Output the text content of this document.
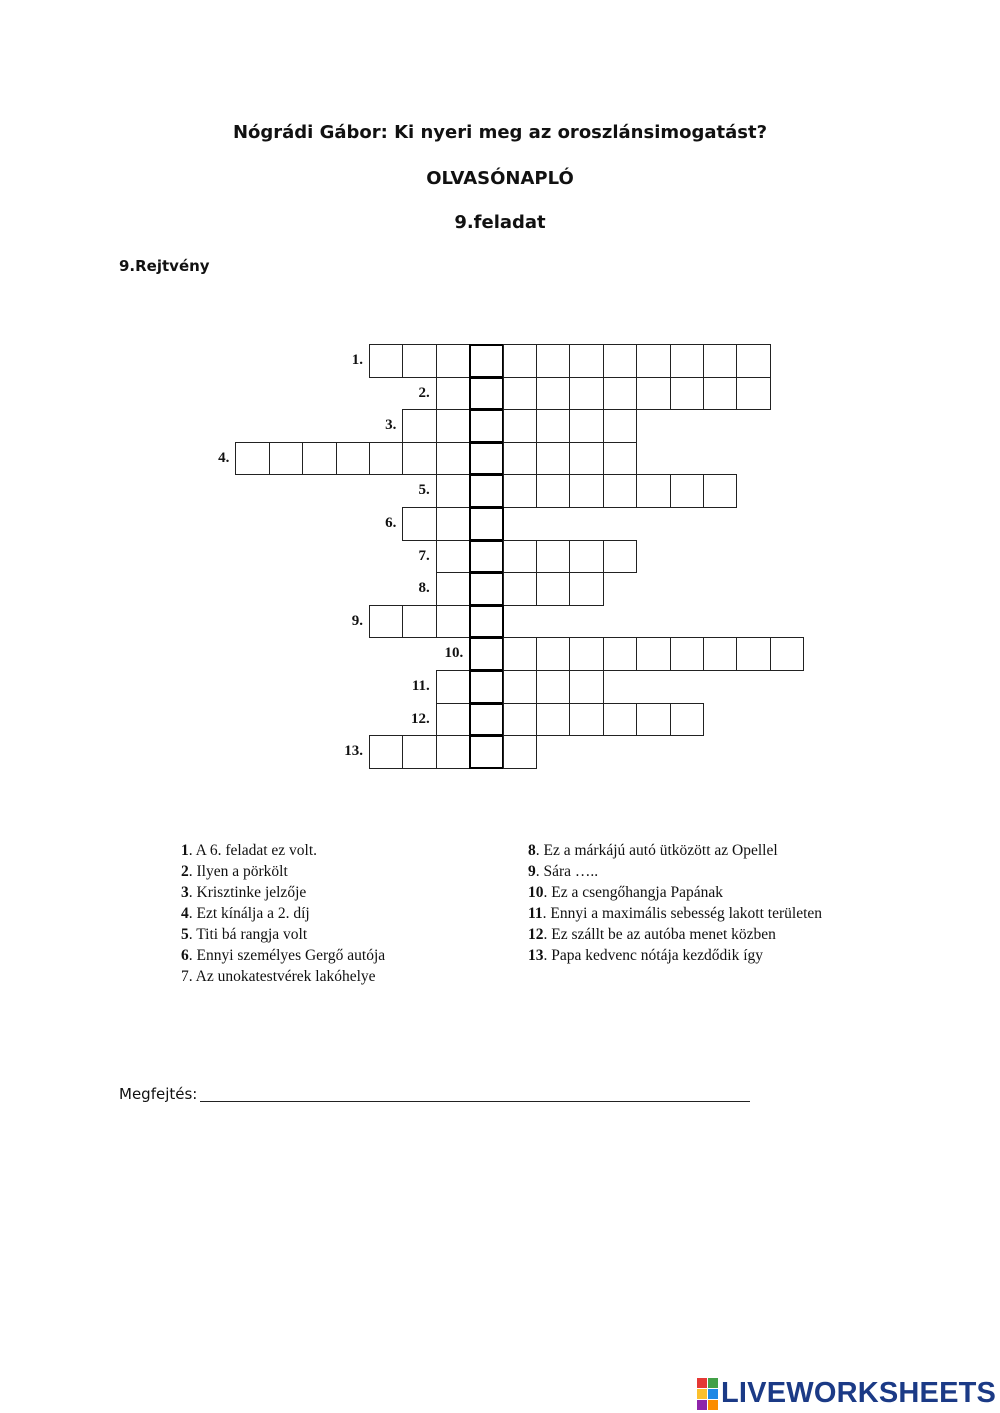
Nógrádi Gábor: Ki nyeri meg az oroszlánsimogatást?
OLVASÓNAPLÓ
9.feladat
9.Rejtvény
1.
2.
3.
4.
5.
6.
7.
8.
9.
10.
11.
12.
13.
1. A 6. feladat ez volt.
2. Ilyen a pörkölt
3. Krisztinke jelzője
4. Ezt kínálja a 2. díj
5. Titi bá rangja volt
6. Ennyi személyes Gergő autója
7. Az unokatestvérek lakóhelye
8. Ez a márkájú autó ütközött az Opellel
9. Sára …..
10. Ez a csengőhangja Papának
11. Ennyi a maximális sebesség lakott területen
12. Ez szállt be az autóba menet közben
13. Papa kedvenc nótája kezdődik így
Megfejtés:
LIVEWORKSHEETS
